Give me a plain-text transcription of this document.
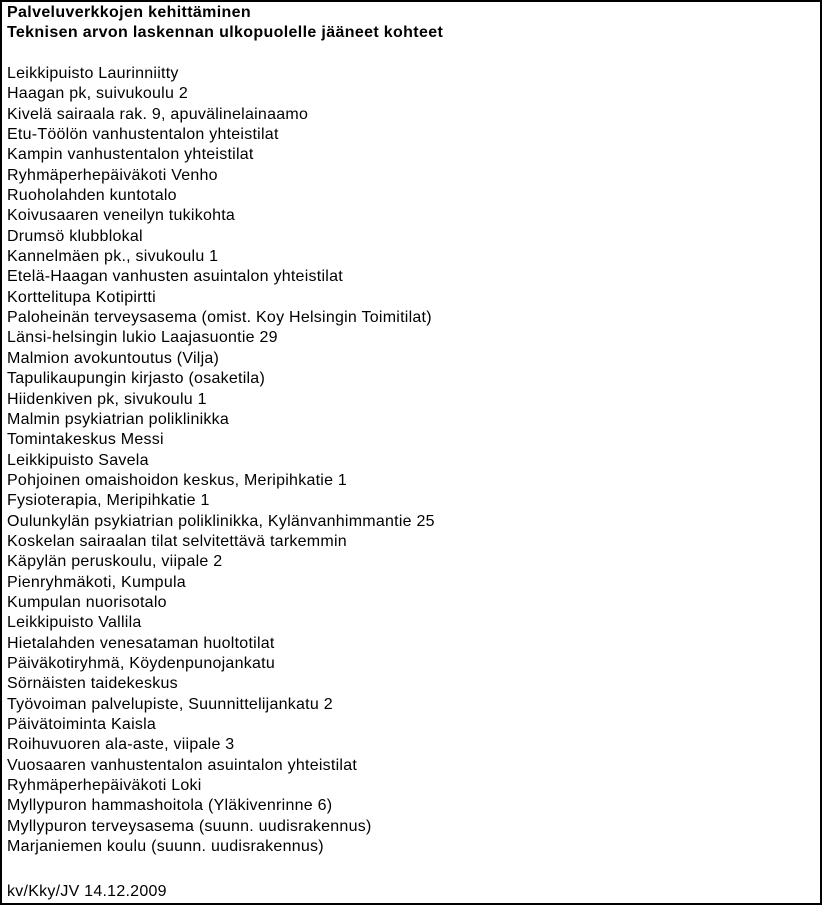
Palveluverkkojen kehittäminen
Teknisen arvon laskennan ulkopuolelle jääneet kohteet
Leikkipuisto Laurinniitty
Haagan pk, suivukoulu 2
Kivelä sairaala rak. 9, apuvälinelainaamo
Etu-Töölön vanhustentalon yhteistilat
Kampin vanhustentalon yhteistilat
Ryhmäperhepäiväkoti Venho
Ruoholahden kuntotalo
Koivusaaren veneilyn tukikohta
Drumsö klubblokal
Kannelmäen pk., sivukoulu 1
Etelä-Haagan vanhusten asuintalon yhteistilat
Korttelitupa Kotipirtti
Paloheinän terveysasema (omist. Koy Helsingin Toimitilat)
Länsi-helsingin lukio Laajasuontie 29
Malmion avokuntoutus (Vilja)
Tapulikaupungin kirjasto (osaketila)
Hiidenkiven pk, sivukoulu 1
Malmin psykiatrian poliklinikka
Tomintakeskus Messi
Leikkipuisto Savela
Pohjoinen omaishoidon keskus, Meripihkatie 1
Fysioterapia, Meripihkatie 1
Oulunkylän psykiatrian poliklinikka, Kylänvanhimmantie 25
Koskelan sairaalan tilat selvitettävä tarkemmin
Käpylän peruskoulu, viipale 2
Pienryhmäkoti, Kumpula
Kumpulan nuorisotalo
Leikkipuisto Vallila
Hietalahden venesataman huoltotilat
Päiväkotiryhmä, Köydenpunojankatu
Sörnäisten taidekeskus
Työvoiman palvelupiste, Suunnittelijankatu 2
Päivätoiminta Kaisla
Roihuvuoren ala-aste, viipale 3
Vuosaaren vanhustentalon asuintalon yhteistilat
Ryhmäperhepäiväkoti Loki
Myllypuron hammashoitola (Yläkivenrinne 6)
Myllypuron terveysasema (suunn. uudisrakennus)
Marjaniemen koulu (suunn. uudisrakennus)
kv/Kky/JV 14.12.2009
